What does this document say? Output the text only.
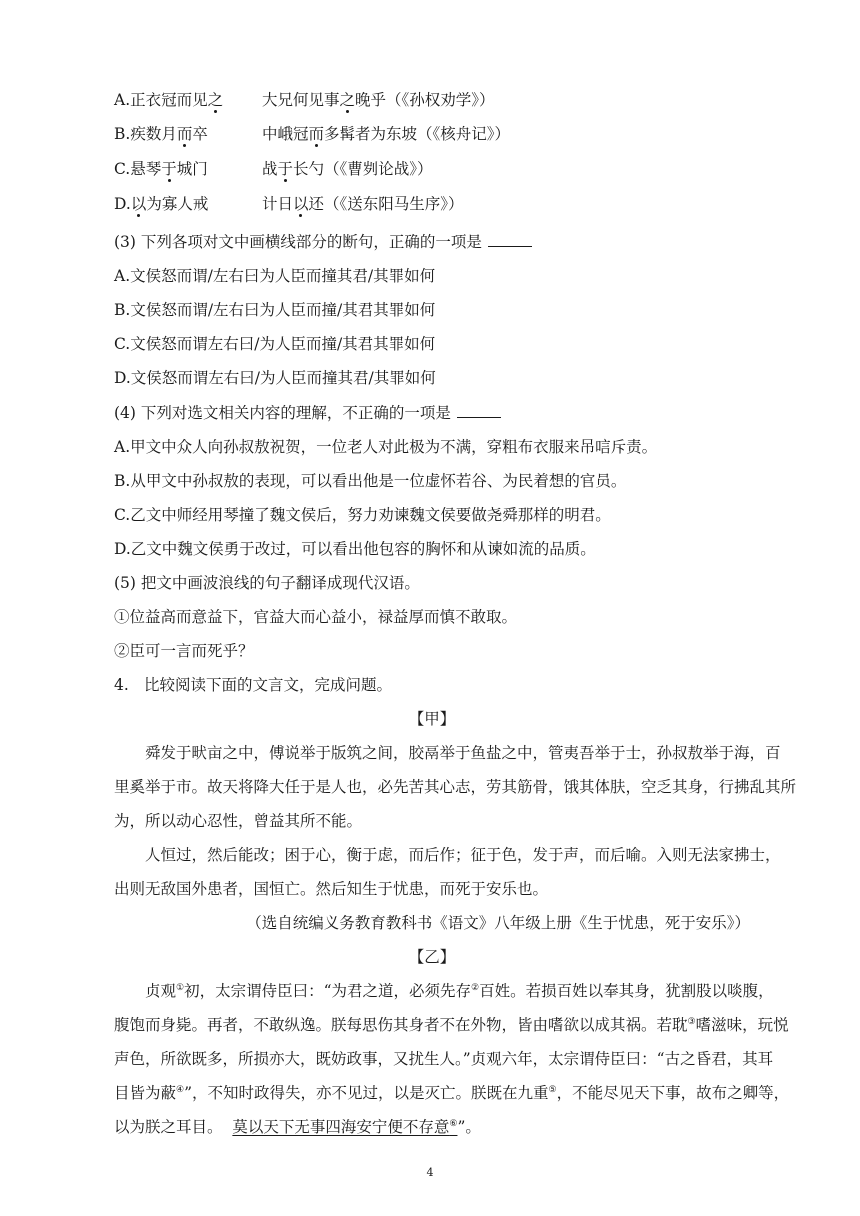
A.正衣冠而见之	大兄何见事之晚乎（《孙权劝学》）
B.疾数月而卒	中峨冠而多髯者为东坡（《核舟记》）
C.悬琴于城门	战于长勺（《曹刿论战》）
D.以为寡人戒	计日以还（《送东阳马生序》）
(3) 下列各项对文中画横线部分的断句，正确的一项是
A.文侯怒而谓/左右曰为人臣而撞其君/其罪如何
B.文侯怒而谓/左右曰为人臣而撞/其君其罪如何
C.文侯怒而谓左右曰/为人臣而撞/其君其罪如何
D.文侯怒而谓左右曰/为人臣而撞其君/其罪如何
(4) 下列对选文相关内容的理解，不正确的一项是
A.甲文中众人向孙叔敖祝贺，一位老人对此极为不满，穿粗布衣服来吊唁斥责。
B.从甲文中孙叔敖的表现，可以看出他是一位虚怀若谷、为民着想的官员。
C.乙文中师经用琴撞了魏文侯后，努力劝谏魏文侯要做尧舜那样的明君。
D.乙文中魏文侯勇于改过，可以看出他包容的胸怀和从谏如流的品质。
(5) 把文中画波浪线的句子翻译成现代汉语。
①位益高而意益下，官益大而心益小，禄益厚而慎不敢取。
②臣可一言而死乎？
4. 比较阅读下面的文言文，完成问题。
【甲】
舜发于畎亩之中，傅说举于版筑之间，胶鬲举于鱼盐之中，管夷吾举于士，孙叔敖举于海，百
里奚举于市。故天将降大任于是人也，必先苦其心志，劳其筋骨，饿其体肤，空乏其身，行拂乱其所
为，所以动心忍性，曾益其所不能。
人恒过，然后能改；困于心，衡于虑，而后作；征于色，发于声，而后喻。入则无法家拂士，
出则无敌国外患者，国恒亡。然后知生于忧患，而死于安乐也。
（选自统编义务教育教科书《语文》八年级上册《生于忧患，死于安乐》）
【乙】
贞观①初，太宗谓侍臣曰：“为君之道，必须先存②百姓。若损百姓以奉其身，犹割股以啖腹，
腹饱而身毙。再者，不敢纵逸。朕每思伤其身者不在外物，皆由嗜欲以成其祸。若耽③嗜滋味，玩悦
声色，所欲既多，所损亦大，既妨政事，又扰生人。”贞观六年，太宗谓侍臣曰：“古之昏君，其耳
目皆为蔽④”，不知时政得失，亦不见过，以是灭亡。朕既在九重⑤，不能尽见天下事，故布之卿等，
以为朕之耳目。 莫以天下无事四海安宁便不存意⑥”。
4
